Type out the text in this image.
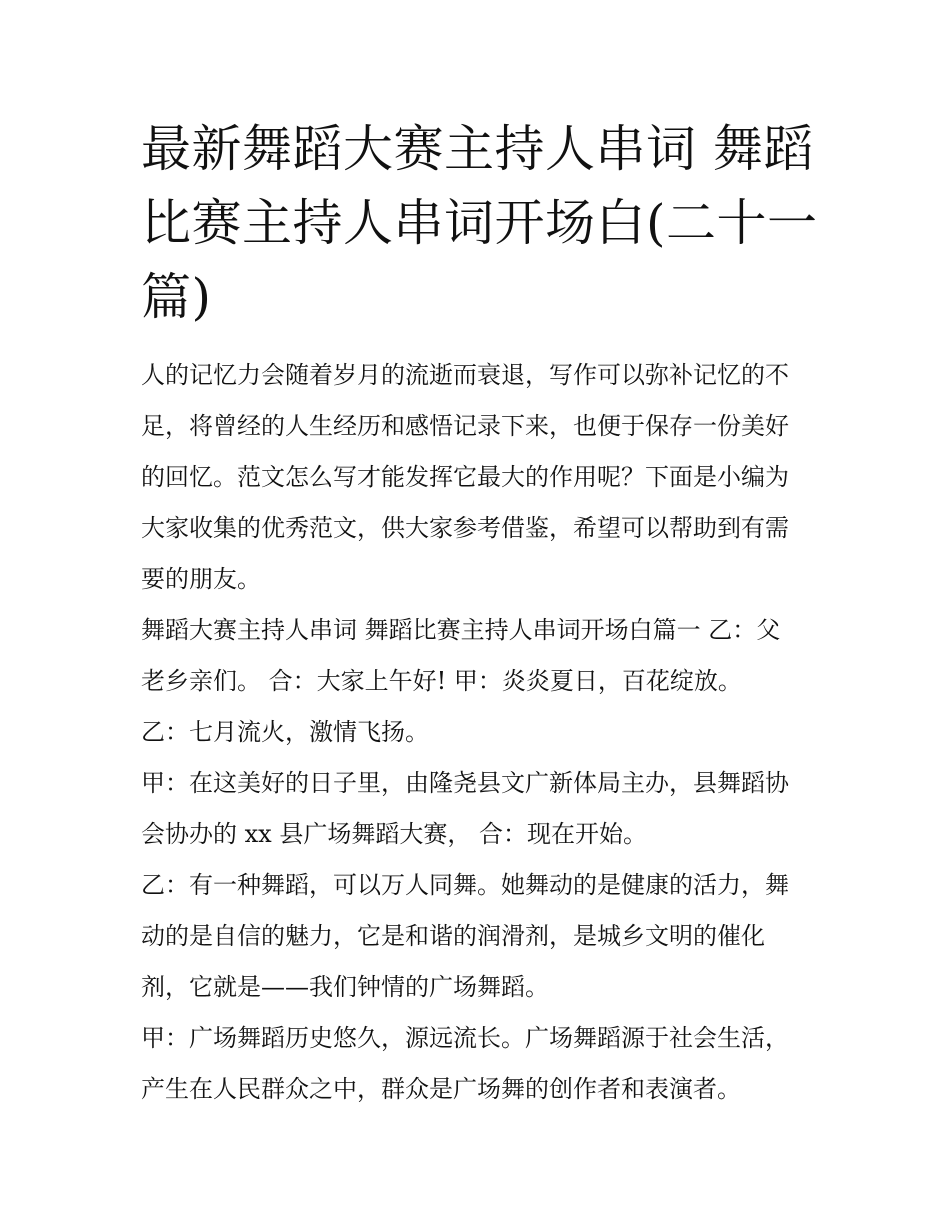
最新舞蹈大赛主持人串词 舞蹈
比赛主持人串词开场白(二十一
篇)

人的记忆力会随着岁月的流逝而衰退，写作可以弥补记忆的不
足，将曾经的人生经历和感悟记录下来，也便于保存一份美好
的回忆。范文怎么写才能发挥它最大的作用呢？下面是小编为
大家收集的优秀范文，供大家参考借鉴，希望可以帮助到有需
要的朋友。

舞蹈大赛主持人串词 舞蹈比赛主持人串词开场白篇一 乙：父
老乡亲们。 合：大家上午好! 甲：炎炎夏日，百花绽放。

乙：七月流火，激情飞扬。

甲：在这美好的日子里，由隆尧县文广新体局主办，县舞蹈协
会协办的 xx 县广场舞蹈大赛， 合：现在开始。

乙：有一种舞蹈，可以万人同舞。她舞动的是健康的活力，舞
动的是自信的魅力，它是和谐的润滑剂，是城乡文明的催化
剂，它就是——我们钟情的广场舞蹈。

甲：广场舞蹈历史悠久，源远流长。广场舞蹈源于社会生活，
产生在人民群众之中，群众是广场舞的创作者和表演者。
